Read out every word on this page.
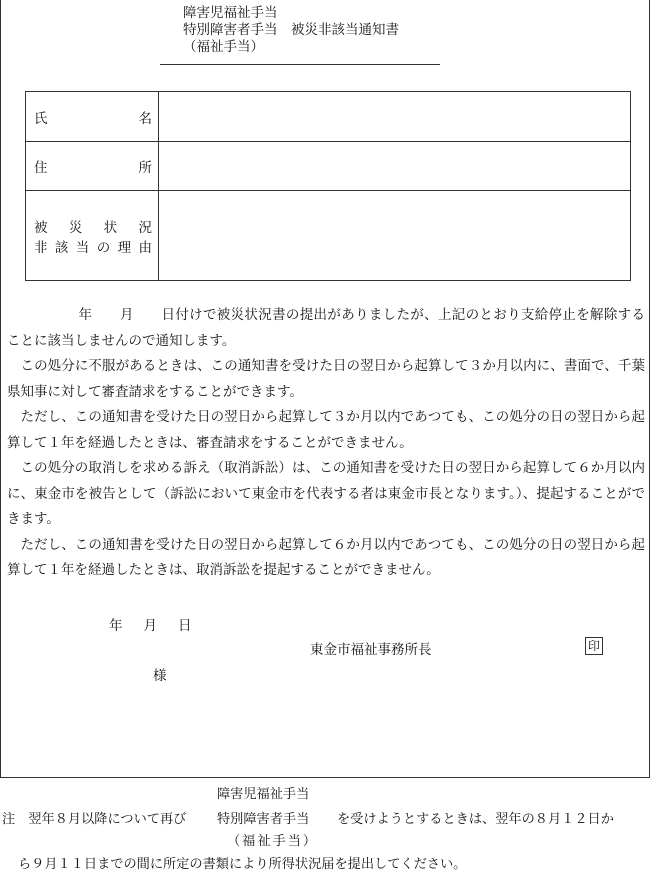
障害児福祉手当
特別障害者手当　 被災非該当通知書
（福祉手当）
氏名	

住所	

被災状況
非該当の理由	

年　　月　　日付けで被災状況書の提出がありましたが、上記のとおり支給停止を解除することに該当しませんので通知します。

この処分に不服があるときは、この通知書を受けた日の翌日から起算して３か月以内に、書面で、千葉県知事に対して審査請求をすることができます。

ただし、この通知書を受けた日の翌日から起算して３か月以内であつても、この処分の日の翌日から起算して１年を経過したときは、審査請求をすることができません。

この処分の取消しを求める訴え（取消訴訟）は、この通知書を受けた日の翌日から起算して６か月以内に、東金市を被告として（訴訟において東金市を代表する者は東金市長となります。）、提起することができます。

ただし、この通知書を受けた日の翌日から起算して６か月以内であつても、この処分の日の翌日から起算して１年を経過したときは、取消訴訟を提起することができません。

年 月 日
東金市福祉事務所長	印
様
障害児福祉手当
注　翌年８月以降について再び 特別障害者手当 を受けようとするときは、翌年の８月１２日か
（福祉手当）
ら９月１１日までの間に所定の書類により所得状況届を提出してください。
